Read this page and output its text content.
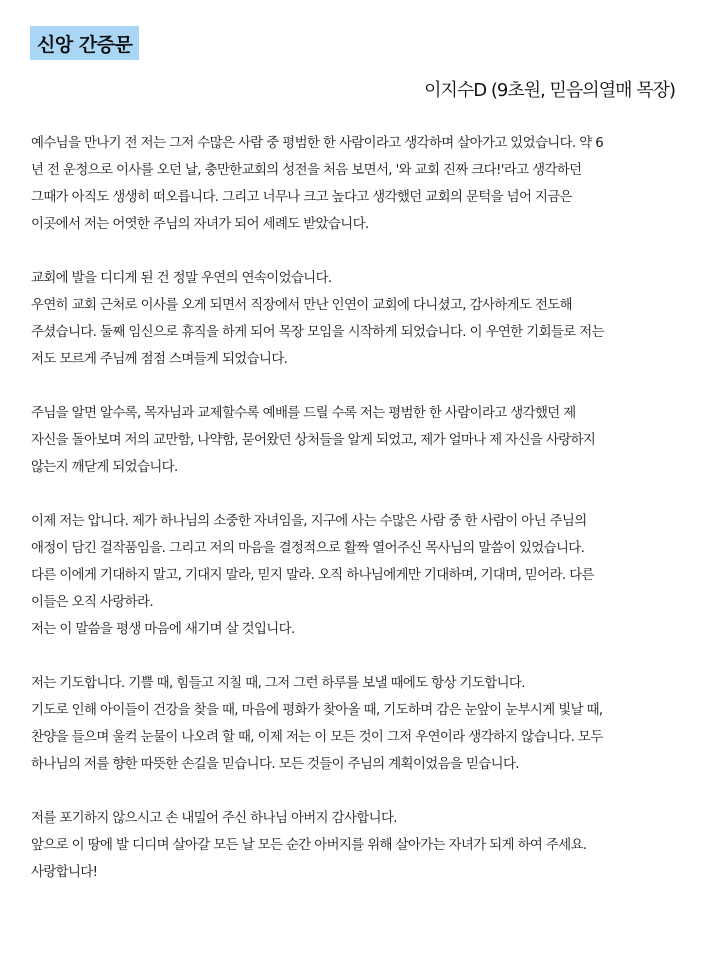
신앙 간증문
이지수D (9초원, 믿음의열매 목장)
예수님을 만나기 전 저는 그저 수많은 사람 중 평범한 한 사람이라고 생각하며 살아가고 있었습니다. 약 6
년 전 운정으로 이사를 오던 날, 충만한교회의 성전을 처음 보면서, '와 교회 진짜 크다!'라고 생각하던
그때가 아직도 생생히 떠오릅니다. 그리고 너무나 크고 높다고 생각했던 교회의 문턱을 넘어 지금은
이곳에서 저는 어엿한 주님의 자녀가 되어 세례도 받았습니다.
교회에 발을 디디게 된 건 정말 우연의 연속이었습니다.
우연히 교회 근처로 이사를 오게 되면서 직장에서 만난 인연이 교회에 다니셨고, 감사하게도 전도해
주셨습니다. 둘째 임신으로 휴직을 하게 되어 목장 모임을 시작하게 되었습니다. 이 우연한 기회들로 저는
저도 모르게 주님께 점점 스며들게 되었습니다.
주님을 알면 알수록, 목자님과 교제할수록 예배를 드릴 수록 저는 평범한 한 사람이라고 생각했던 제
자신을 돌아보며 저의 교만함, 나약함, 묻어왔던 상처들을 알게 되었고, 제가 얼마나 제 자신을 사랑하지
않는지 깨닫게 되었습니다.
이제 저는 압니다. 제가 하나님의 소중한 자녀임을, 지구에 사는 수많은 사람 중 한 사람이 아닌 주님의
애정이 담긴 걸작품임을. 그리고 저의 마음을 결정적으로 활짝 열어주신 목사님의 말씀이 있었습니다.
다른 이에게 기대하지 말고, 기대지 말라, 믿지 말라. 오직 하나님에게만 기대하며, 기대며, 믿어라. 다른
이들은 오직 사랑하라.
저는 이 말씀을 평생 마음에 새기며 살 것입니다.
저는 기도합니다. 기쁠 때, 힘들고 지칠 때, 그저 그런 하루를 보낼 때에도 항상 기도합니다.
기도로 인해 아이들이 건강을 찾을 때, 마음에 평화가 찾아올 때, 기도하며 감은 눈앞이 눈부시게 빛날 때,
찬양을 들으며 울컥 눈물이 나오려 할 때, 이제 저는 이 모든 것이 그저 우연이라 생각하지 않습니다. 모두
하나님의 저를 향한 따뜻한 손길을 믿습니다. 모든 것들이 주님의 계획이었음을 믿습니다.
저를 포기하지 않으시고 손 내밀어 주신 하나님 아버지 감사합니다.
앞으로 이 땅에 발 디디며 살아갈 모든 날 모든 순간 아버지를 위해 살아가는 자녀가 되게 하여 주세요.
사랑합니다!
